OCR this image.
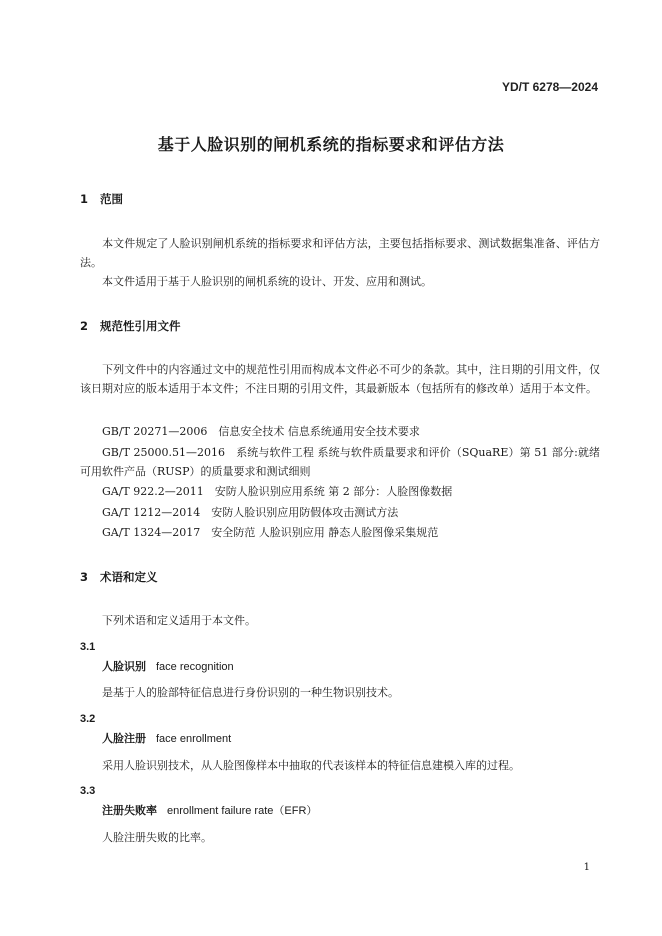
YD/T 6278—2024
基于人脸识别的闸机系统的指标要求和评估方法
1 范围
本文件规定了人脸识别闸机系统的指标要求和评估方法，主要包括指标要求、测试数据集准备、评估方法。
本文件适用于基于人脸识别的闸机系统的设计、开发、应用和测试。
2 规范性引用文件
下列文件中的内容通过文中的规范性引用而构成本文件必不可少的条款。其中，注日期的引用文件，仅该日期对应的版本适用于本文件；不注日期的引用文件，其最新版本（包括所有的修改单）适用于本文件。
GB/T 20271—2006　信息安全技术 信息系统通用安全技术要求
GB/T 25000.51—2016　系统与软件工程 系统与软件质量要求和评价（SQuaRE）第 51 部分:就绪可用软件产品（RUSP）的质量要求和测试细则
GA/T 922.2—2011　安防人脸识别应用系统 第 2 部分：人脸图像数据
GA/T 1212—2014　安防人脸识别应用防假体攻击测试方法
GA/T 1324—2017　安全防范 人脸识别应用 静态人脸图像采集规范
3 术语和定义
下列术语和定义适用于本文件。
3.1
人脸识别 face recognition
是基于人的脸部特征信息进行身份识别的一种生物识别技术。
3.2
人脸注册 face enrollment
采用人脸识别技术，从人脸图像样本中抽取的代表该样本的特征信息建模入库的过程。
3.3
注册失败率 enrollment failure rate（EFR）
人脸注册失败的比率。
1
